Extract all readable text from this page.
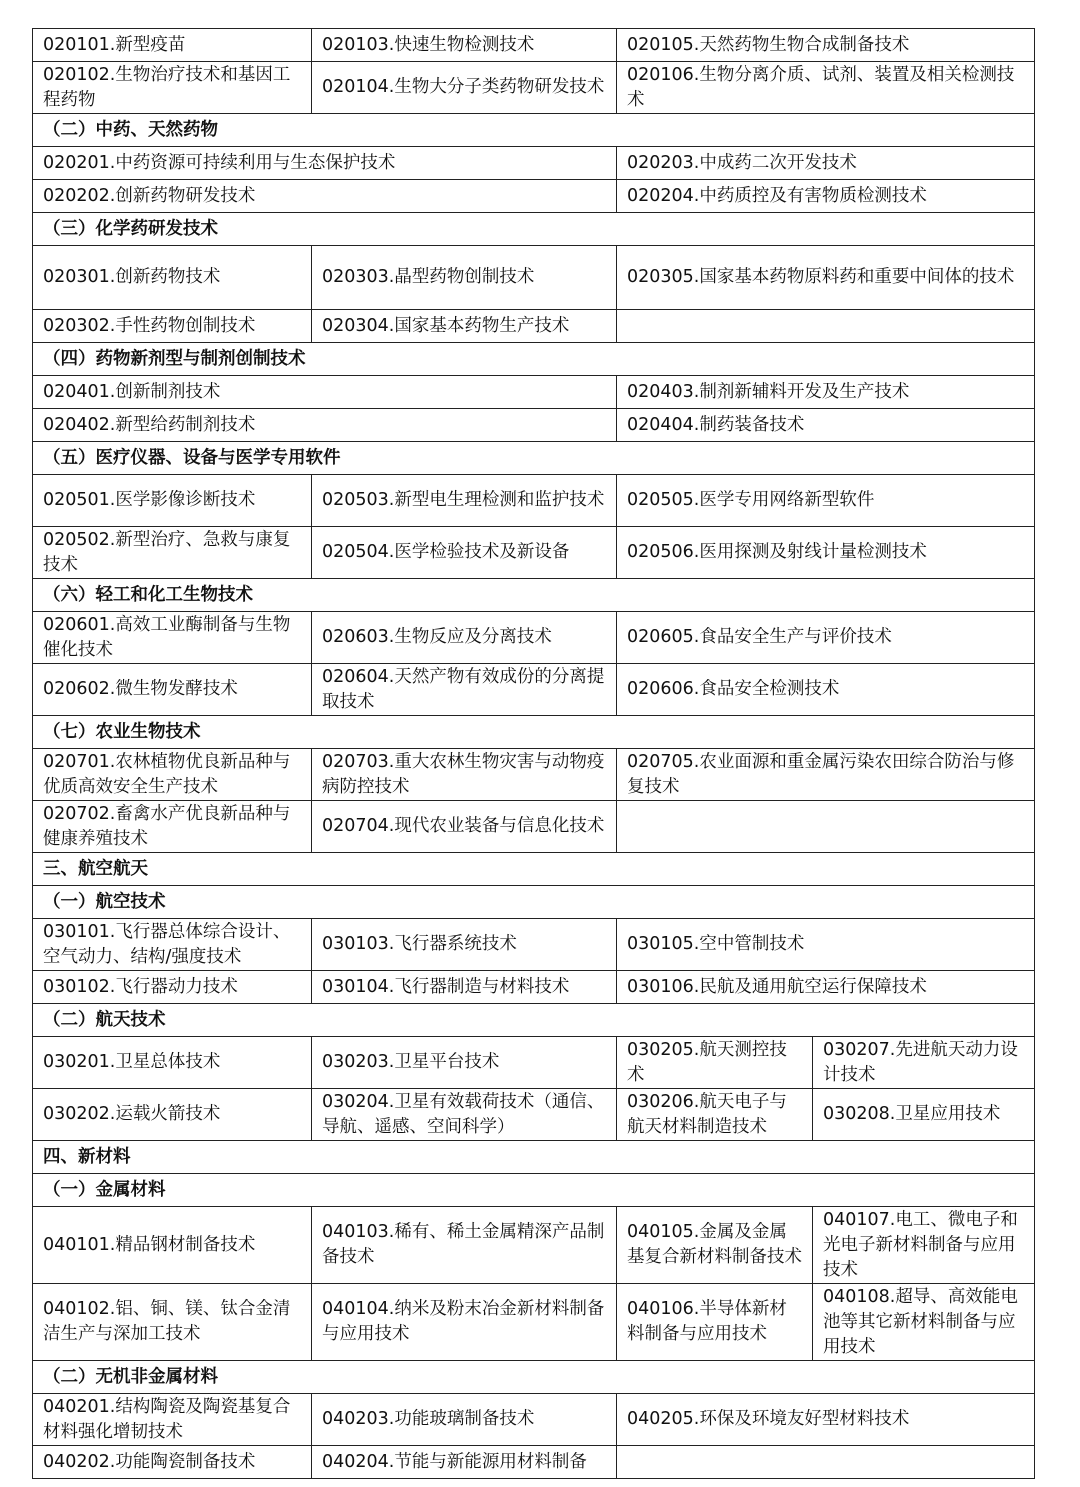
020101.新型疫苗	020103.快速生物检测技术	020105.天然药物生物合成制备技术	
020102.生物治疗技术和基因工程药物	020104.生物大分子类药物研发技术	020106.生物分离介质、试剂、装置及相关检测技术	
（二）中药、天然药物			
020201.中药资源可持续利用与生态保护技术		020203.中成药二次开发技术	
020202.创新药物研发技术		020204.中药质控及有害物质检测技术	
（三）化学药研发技术			
020301.创新药物技术	020303.晶型药物创制技术	020305.国家基本药物原料药和重要中间体的技术	
020302.手性药物创制技术	020304.国家基本药物生产技术		
（四）药物新剂型与制剂创制技术			
020401.创新制剂技术		020403.制剂新辅料开发及生产技术	
020402.新型给药制剂技术		020404.制药装备技术	
（五）医疗仪器、设备与医学专用软件			
020501.医学影像诊断技术	020503.新型电生理检测和监护技术	020505.医学专用网络新型软件	
020502.新型治疗、急救与康复技术	020504.医学检验技术及新设备	020506.医用探测及射线计量检测技术	
（六）轻工和化工生物技术			
020601.高效工业酶制备与生物催化技术	020603.生物反应及分离技术	020605.食品安全生产与评价技术	
020602.微生物发酵技术	020604.天然产物有效成份的分离提取技术	020606.食品安全检测技术	
（七）农业生物技术			
020701.农林植物优良新品种与优质高效安全生产技术	020703.重大农林生物灾害与动物疫病防控技术	020705.农业面源和重金属污染农田综合防治与修复技术	
020702.畜禽水产优良新品种与健康养殖技术	020704.现代农业装备与信息化技术		
三、航空航天			
（一）航空技术			
030101.飞行器总体综合设计、空气动力、结构/强度技术	030103.飞行器系统技术	030105.空中管制技术	
030102.飞行器动力技术	030104.飞行器制造与材料技术	030106.民航及通用航空运行保障技术	
（二）航天技术			
030201.卫星总体技术	030203.卫星平台技术	030205.航天测控技术	030207.先进航天动力设计技术
030202.运载火箭技术	030204.卫星有效载荷技术（通信、导航、遥感、空间科学）	030206.航天电子与航天材料制造技术	030208.卫星应用技术
四、新材料			
（一）金属材料			
040101.精品钢材制备技术	040103.稀有、稀土金属精深产品制备技术	040105.金属及金属基复合新材料制备技术	040107.电工、微电子和光电子新材料制备与应用技术
040102.铝、铜、镁、钛合金清洁生产与深加工技术	040104.纳米及粉末冶金新材料制备与应用技术	040106.半导体新材料制备与应用技术	040108.超导、高效能电池等其它新材料制备与应用技术
（二）无机非金属材料			
040201.结构陶瓷及陶瓷基复合材料强化增韧技术	040203.功能玻璃制备技术	040205.环保及环境友好型材料技术	
040202.功能陶瓷制备技术	040204.节能与新能源用材料制备		
